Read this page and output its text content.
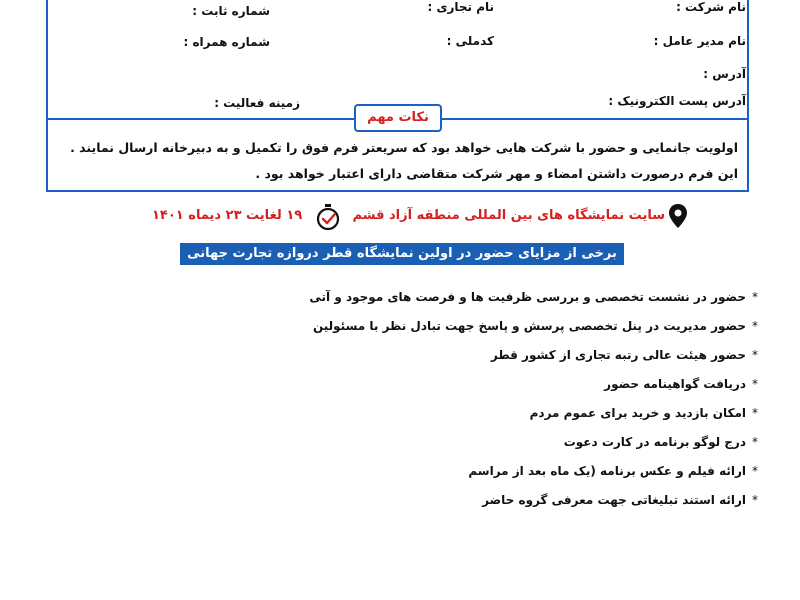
نام شرکت :
نام تجاری :
شماره ثابت :
نام مدیر عامل :
کدملی :
شماره همراه :
آدرس :
آدرس پست الکترونیک :
زمینه فعالیت :
نکات مهم
اولویت جانمایی و حضور با شرکت هایی خواهد بود که سریعتر فرم فوق را تکمیل و به دبیرخانه ارسال نمایند .
این فرم درصورت داشتن امضاء و مهر شرکت متقاضی دارای اعتبار خواهد بود .
سایت نمایشگاه های بین المللی منطقه آزاد قشم
۱۹ لغایت ۲۳ دیماه ۱۴۰۱
برخی از مزایای حضور در اولین نمایشگاه قطر دروازه تجارت جهانی
*حضور در نشست تخصصی و بررسی ظرفیت ها و فرصت های موجود و آتی
*حضور مدیریت در پنل تخصصی پرسش و پاسخ جهت تبادل نظر با مسئولین
*حضور هیئت عالی رتبه تجاری از کشور قطر
*دریافت گواهینامه حضور
*امکان بازدید و خرید برای عموم مردم
*درج لوگو برنامه در کارت دعوت
*ارائه فیلم و عکس برنامه (یک ماه بعد از مراسم
*ارائه استند تبلیغاتی جهت معرفی گروه حاضر
